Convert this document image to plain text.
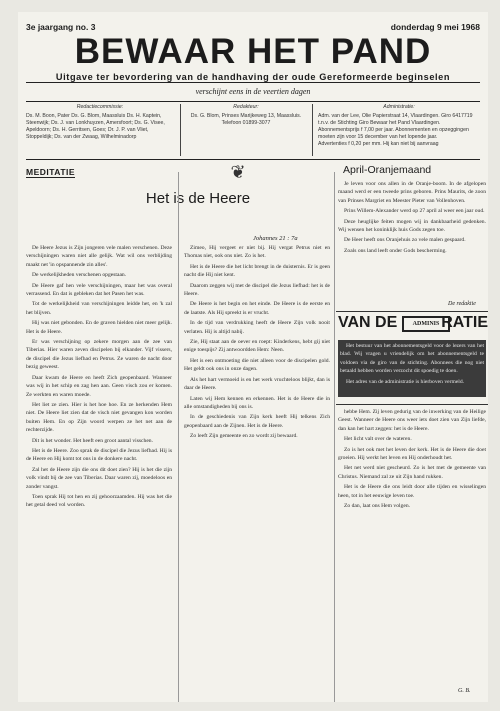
3e jaargang no. 3	donderdag 9 mei 1968
BEWAAR HET PAND
Uitgave ter bevordering van de handhaving der oude Gereformeerde beginselen
verschijnt eens in de veertien dagen
Redactiecommissie:
Ds. M. Boon, Pater Ds. G. Blom, Maassluis Ds. H. Kaptein, Steenwijk; Ds. J. van Lonkhuyzen, Amersfoort; Ds. G. Visee, Apeldoorn; Ds. H. Gerritsen, Goes; Dr. J. P. van Vliet, Stoppeldijk; Ds. van der Zwaag, Wilhelminadorp
Redakteur:
Ds. G. Blom, Prinses Marijkeweg 13, Maassluis. Telefoon 01899-3077
Administratie:
Adm. van der Lee, Olie Papierstraat 14, Vlaardingen. Giro 6417719 t.n.v. de Stichting Giro Bewaar het Pand Vlaardingen. Abonnementsprijs f 7,00 per jaar. Abonnementen en opzeggingen moeten zijn voor 15 december van het lopende jaar.
Advertenties f 0,20 per mm. Hij kan niet bij aanvraag
MEDITATIE	❦
Het is de Heere
Johannes 21 : 7a

De Heere Jezus is Zijn jongeren vele malen verschenen. Deze verschijningen waren niet alle gelijk. Wat wil ons verblijding maakt net 'in opspannende zin alles'.

De werkelijkheden verschenen opgestaan.

De Heere gaf hen vele verschijningen, maar het was overal verrassend. En dat is gebleken dat het Pasen het was.

Tot de werkelijkheid van verschijningen leidde het, en 'k zal het blijven.

Hij was niet gebonden. En de graven hielden niet meer gelijk. Het is de Heere.

Er was verschijning op zekere morgen aan de zee van Tiberias. Hier waren zeven discipelen bij elkander. Vijf vissers, de discipel die Jezus liefhad en Petrus. Ze waren de nacht door bezig geweest.

Daar kwam de Heere en heeft Zich geopenbaard. Wanneer was wij in het schip en zag hen aan. Geen visch zou er komen. Ze werkten en waren moede.

Het liet ze zien. Hier is het hoe hoe. En ze herkenden Hem niet. De Heere liet zien dat de visch niet gevangen kon worden buiten Hem. En op Zijn woord werpen ze het net aan de rechterzijde.

Dit is het wonder. Het heeft een groot aantal visschen.

Het is de Heere. Zoo sprak de discipel die Jezus liefhad. Hij is de Heere en Hij komt tot ons in de donkere nacht.

Zal het de Heere zijn die ons dit doet zien? Hij is het die zijn volk vindt bij de zee van Tiberias. Daar waren zij, moedeloos en zonder vangst.

Toen sprak Hij tot hen en zij gehoorzaamden. Hij was het die het getal deed vol worden.

Zimeo, Hij vergeet er niet bij. Hij vergat Petrus niet en Thomas niet, ook ons niet. Zo is het.

Het is de Heere die het licht brengt in de duisternis. Er is geen nacht die Hij niet kent.

Daarom zeggen wij met de discipel die Jezus liefhad: het is de Heere.

De Heere is het begin en het einde. De Heere is de eerste en de laatste. Als Hij spreekt is er vrucht.

In de tijd van verdrukking heeft de Heere Zijn volk nooit verlaten. Hij is altijd nabij.

Zie, Hij staat aan de oever en roept: Kinderkens, hebt gij niet enige toespijs? Zij antwoordden Hem: Neen.

Het is een ontmoeting die niet alleen voor de discipelen gold. Het geldt ook ons in onze dagen.

Als het hart vermoeid is en het werk vruchteloos blijkt, dan is daar de Heere.

Laten wij Hem kennen en erkennen. Het is de Heere die in alle omstandigheden bij ons is.

In de geschiedenis van Zijn kerk heeft Hij telkens Zich geopenbaard aan de Zijnen. Het is de Heere.

Zo leeft Zijn gemeente en zo wordt zij bewaard.

April-Oranjemaand

Je leven voor ons allen in de Oranje-boom. In de afgelopen maand werd er een tweede prins geboren. Prins Maurits, de zoon van Prinses Margriet en Meester Pieter van Vollenhoven.

Prins Willem-Alexander werd op 27 april al weer een jaar oud.

Deze heuglijke feiten mogen wij in dankbaarheid gedenken. Wij wensen het koninklijk huis Gods zegen toe.

De Heer heeft ons Oranjehuis zo vele malen gespaard.

Zoals ons land leeft onder Gods bescherming.

De redaktie
VAN DE	ADMINIS RATIE

Het bestuur van het abonnementsgeld voor de lezers van het blad. Wij vragen u vriendelijk om het abonnementsgeld te voldoen via de giro van de stichting. Abonnees die nog niet betaald hebben worden verzocht dit spoedig te doen.

Het adres van de administratie is hierboven vermeld.

hebbe Hem. Zij leven gedurig van de inwerking van de Heilige Geest. Wanneer de Heere ons weer iets doet zien van Zijn liefde, dan kan het hart zeggen: het is de Heere.

Het licht valt over de wateren.

Zo is het ook met het leven der kerk. Het is de Heere die doet groeien. Hij werkt het leven en Hij onderhoudt het.

Het net werd niet gescheurd. Zo is het met de gemeente van Christus. Niemand zal ze uit Zijn hand rukken.

Het is de Heere die ons leidt door alle tijden en wisselingen heen, tot in het eeuwige leven toe.

Zo dan, laat ons Hem volgen.

G. B.
